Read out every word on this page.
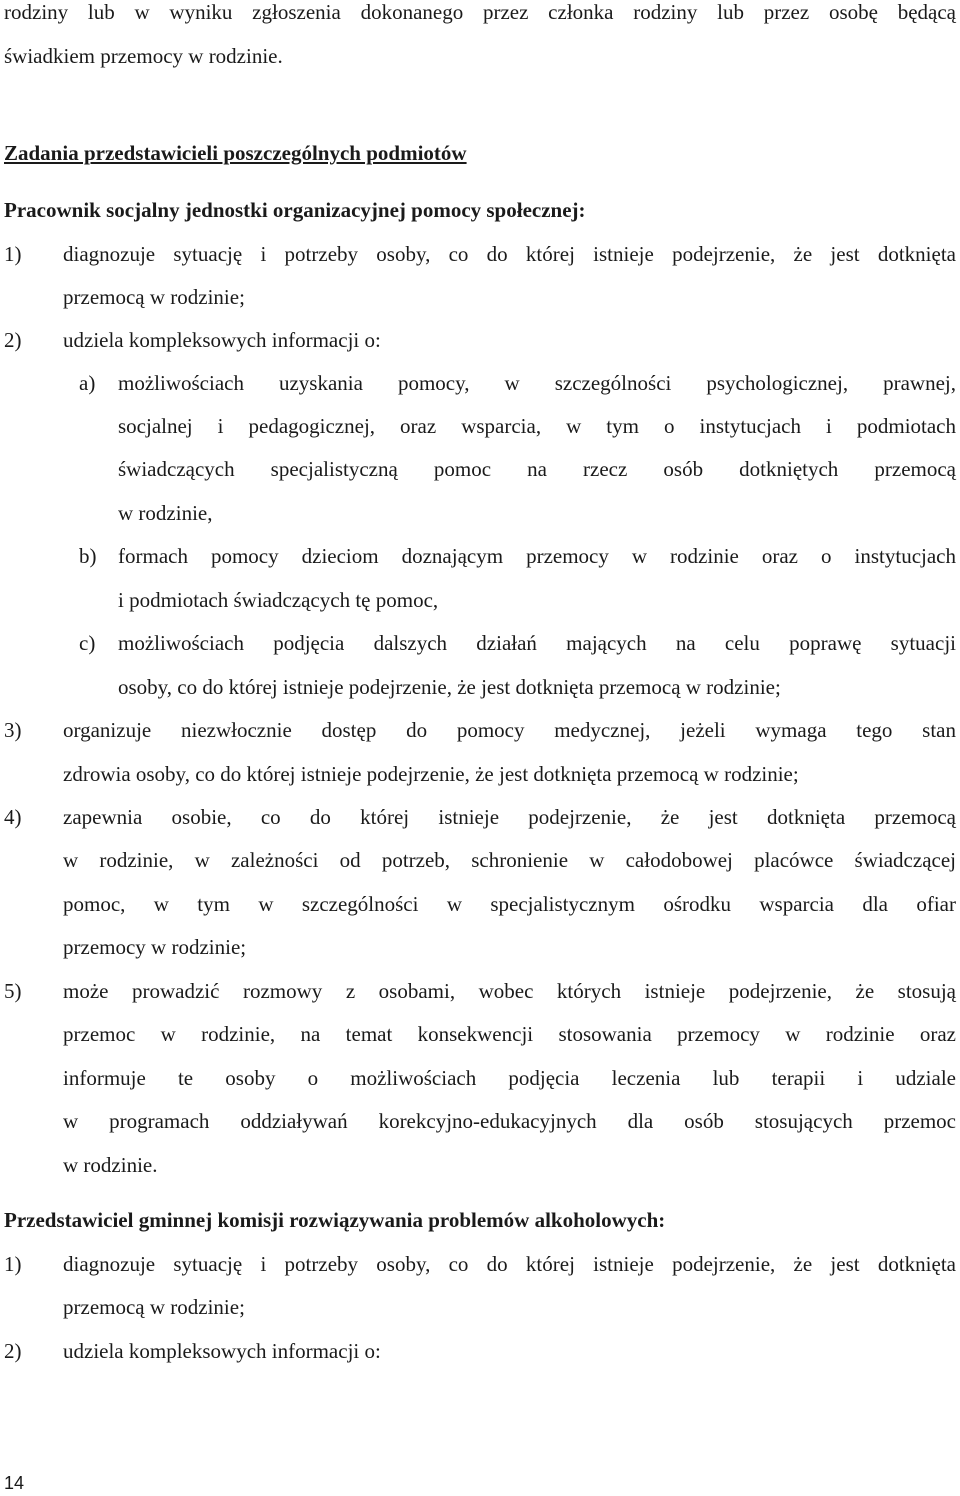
rodziny lub w wyniku zgłoszenia dokonanego przez członka rodziny lub przez osobę będącą
świadkiem przemocy w rodzinie.
Zadania przedstawicieli poszczególnych podmiotów
Pracownik socjalny jednostki organizacyjnej pomocy społecznej:
1) diagnozuje sytuację i potrzeby osoby, co do której istnieje podejrzenie, że jest dotknięta
przemocą w rodzinie;
2) udziela kompleksowych informacji o:
a) możliwościach uzyskania pomocy, w szczególności psychologicznej, prawnej,
socjalnej i pedagogicznej, oraz wsparcia, w tym o instytucjach i podmiotach
świadczących specjalistyczną pomoc na rzecz osób dotkniętych przemocą
w rodzinie,
b) formach pomocy dzieciom doznającym przemocy w rodzinie oraz o instytucjach
i podmiotach świadczących tę pomoc,
c) możliwościach podjęcia dalszych działań mających na celu poprawę sytuacji
osoby, co do której istnieje podejrzenie, że jest dotknięta przemocą w rodzinie;
3) organizuje niezwłocznie dostęp do pomocy medycznej, jeżeli wymaga tego stan
zdrowia osoby, co do której istnieje podejrzenie, że jest dotknięta przemocą w rodzinie;
4) zapewnia osobie, co do której istnieje podejrzenie, że jest dotknięta przemocą
w rodzinie, w zależności od potrzeb, schronienie w całodobowej placówce świadczącej
pomoc, w tym w szczególności w specjalistycznym ośrodku wsparcia dla ofiar
przemocy w rodzinie;
5) może prowadzić rozmowy z osobami, wobec których istnieje podejrzenie, że stosują
przemoc w rodzinie, na temat konsekwencji stosowania przemocy w rodzinie oraz
informuje te osoby o możliwościach podjęcia leczenia lub terapii i udziale
w programach oddziaływań korekcyjno-edukacyjnych dla osób stosujących przemoc
w rodzinie.
Przedstawiciel gminnej komisji rozwiązywania problemów alkoholowych:
1) diagnozuje sytuację i potrzeby osoby, co do której istnieje podejrzenie, że jest dotknięta
przemocą w rodzinie;
2) udziela kompleksowych informacji o:
14
